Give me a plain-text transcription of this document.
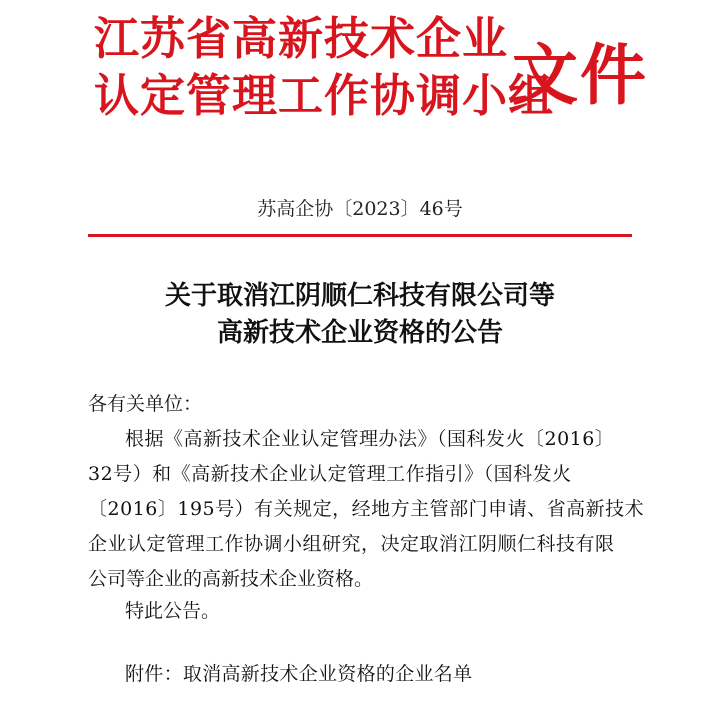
江苏省高新技术企业
认定管理工作协调小组
文件
苏高企协〔2023〕46号
关于取消江阴顺仁科技有限公司等
高新技术企业资格的公告
各有关单位：
根据《高新技术企业认定管理办法》（国科发火〔2016〕
32号）和《高新技术企业认定管理工作指引》（国科发火
〔2016〕195号）有关规定，经地方主管部门申请、省高新技术
企业认定管理工作协调小组研究，决定取消江阴顺仁科技有限
公司等企业的高新技术企业资格。
特此公告。
附件：取消高新技术企业资格的企业名单
